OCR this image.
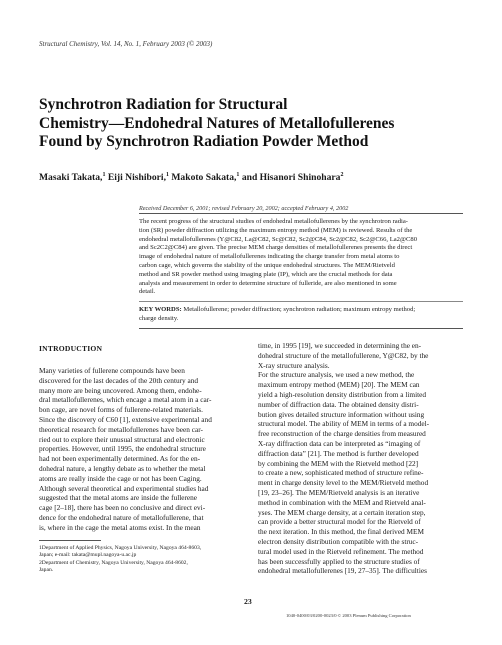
Structural Chemistry, Vol. 14, No. 1, February 2003 (© 2003)
Synchrotron Radiation for Structural
Chemistry—Endohedral Natures of Metallofullerenes
Found by Synchrotron Radiation Powder Method
Masaki Takata,$^1$ Eiji Nishibori,$^1$ Makoto Sakata,$^1$ and Hisanori Shinohara$^2$
Received December 6, 2001; revised February 20, 2002; accepted February 4, 2002
The recent progress of the structural studies of endohedral metallofullerenes by the synchrotron radia-
tion (SR) powder diffraction utilizing the maximum entropy method (MEM) is reviewed. Results of the
endohedral metallofullerenes (Y@C82, La@C82, Sc@C82, Sc2@C84, Sc2@C82, Sc2@C66, La2@C80
and Sc2C2@C84) are given. The precise MEM charge densities of metallofullerenes presents the direct
image of endohedral nature of metallofullerenes indicating the charge transfer from metal atoms to
carbon cage, which governs the stability of the unique endohedral structures. The MEM/Rietveld
method and SR powder method using imaging plate (IP), which are the crucial methods for data
analysis and measurement in order to determine structure of fulleride, are also mentioned in some
detail.
KEY WORDS: Metallofullerene; powder diffraction; synchrotron radiation; maximum entropy method;
charge density.
INTRODUCTION
Many varieties of fullerene compounds have been
discovered for the last decades of the 20th century and
many more are being uncovered. Among them, endohe-
dral metallofullerenes, which encage a metal atom in a car-
bon cage, are novel forms of fullerene-related materials.
Since the discovery of C60 [1], extensive experimental and
theoretical research for metallofullerenes have been car-
ried out to explore their unusual structural and electronic
properties. However, until 1995, the endohedral structure
had not been experimentally determined. As for the en-
dohedral nature, a lengthy debate as to whether the metal
atoms are really inside the cage or not has been Caging.
Although several theoretical and experimental studies had
suggested that the metal atoms are inside the fullerene
cage [2–18], there has been no conclusive and direct evi-
dence for the endohedral nature of metallofullerene, that
is, where in the cage the metal atoms exist. In the mean
time, in 1995 [19], we succeeded in determining the en-
dohedral structure of the metallofullerene, Y@C82, by the
X-ray structure analysis.
For the structure analysis, we used a new method, the
maximum entropy method (MEM) [20]. The MEM can
yield a high-resolution density distribution from a limited
number of diffraction data. The obtained density distri-
bution gives detailed structure information without using
structural model. The ability of MEM in terms of a model-
free reconstruction of the charge densities from measured
X-ray diffraction data can be interpreted as “imaging of
diffraction data” [21]. The method is further developed
by combining the MEM with the Rietveld method [22]
to create a new, sophisticated method of structure refine-
ment in charge density level to the MEM/Rietveld method
[19, 23–26]. The MEM/Rietveld analysis is an iterative
method in combination with the MEM and Rietveld anal-
yses. The MEM charge density, at a certain iteration step,
can provide a better structural model for the Rietveld of
the next iteration. In this method, the final derived MEM
electron density distribution compatible with the struc-
tural model used in the Rietveld refinement. The method
has been successfully applied to the structure studies of
endohedral metallofullerenes [19, 27–35]. The difficulties
1Department of Applied Physics, Nagoya University, Nagoya 464-8603,
Japan; e-mail: takata@mupl.nagoya-u.ac.jp
2Department of Chemistry, Nagoya University, Nagoya 464-8602,
Japan.
23
1040-0400/03/0200-0023/0 © 2003 Plenum Publishing Corporation
